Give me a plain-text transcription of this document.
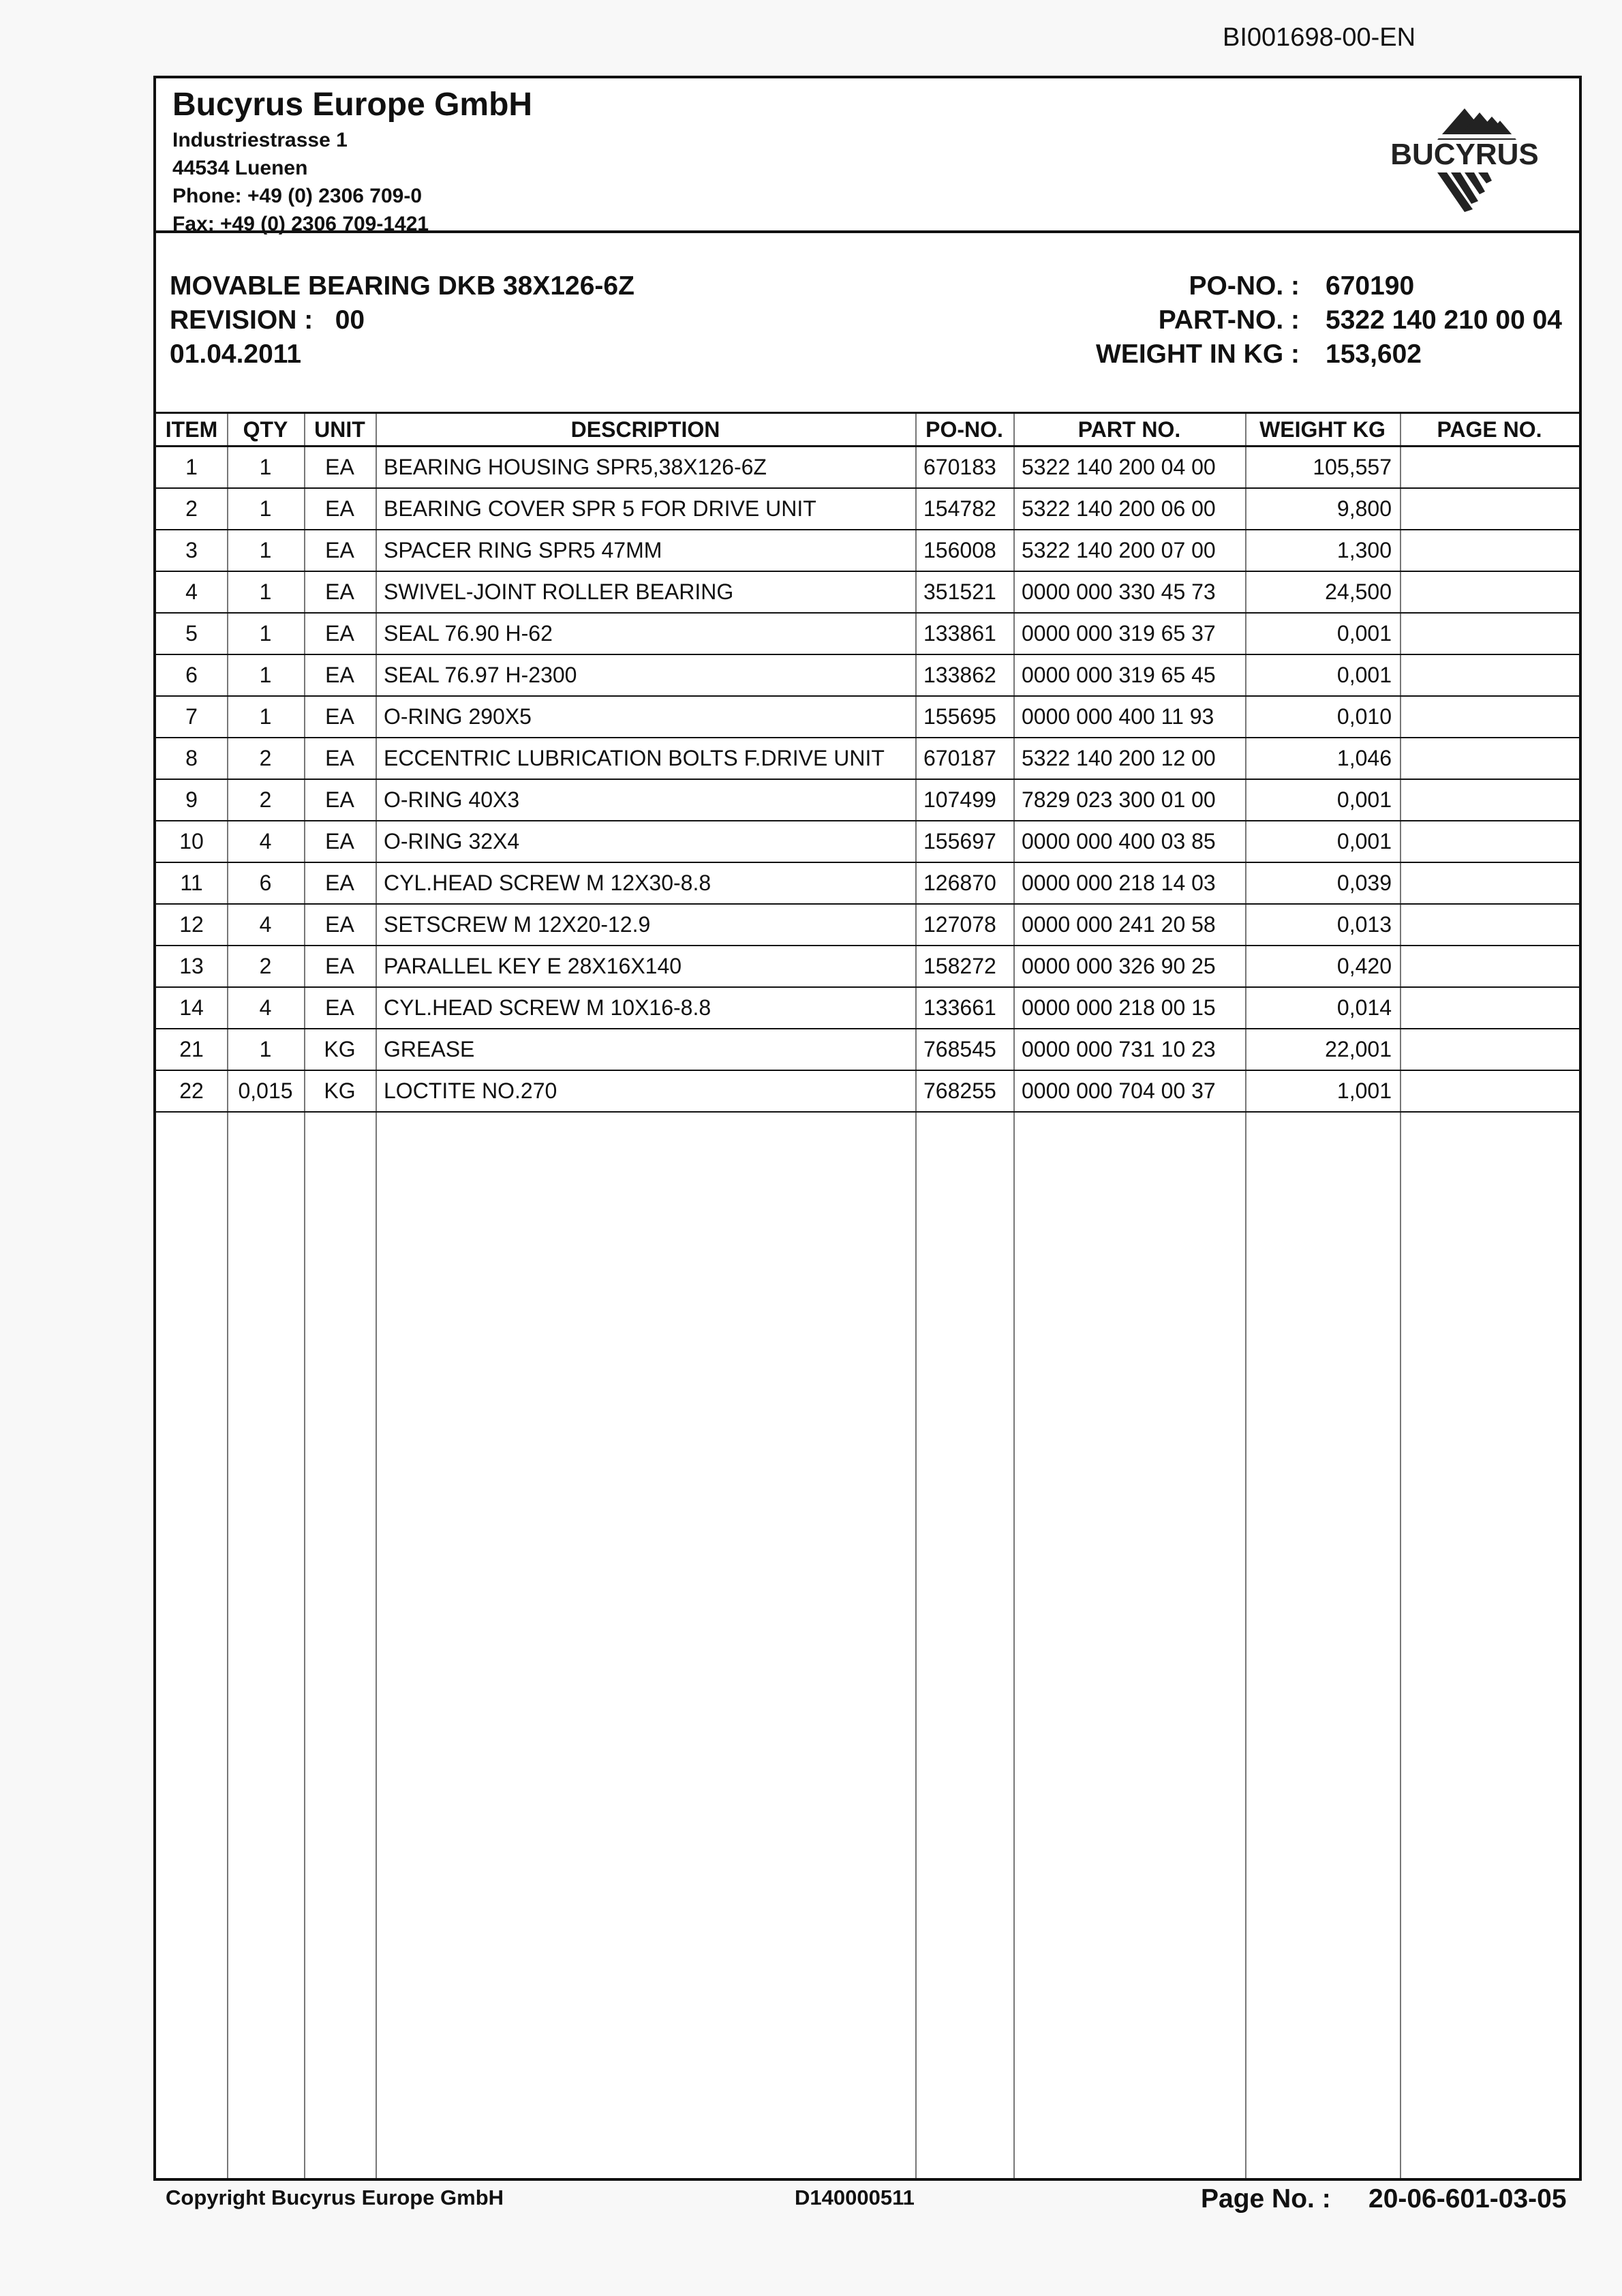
BI001698-00-EN
Bucyrus Europe GmbH
Industriestrasse 1
44534 Luenen
Phone: +49 (0) 2306 709-0
Fax: +49 (0) 2306 709-1421
BUCYRUS
MOVABLE BEARING DKB 38X126-6Z
REVISION : 00
01.04.2011
PO-NO. : 670190
PART-NO. : 5322 140 210 00 04
WEIGHT IN KG : 153,602
ITEM	QTY	UNIT	DESCRIPTION	PO-NO.	PART NO.	WEIGHT KG	PAGE NO.
1	1	EA	BEARING HOUSING SPR5,38X126-6Z	670183	5322 140 200 04 00	105,557	
2	1	EA	BEARING COVER SPR 5 FOR DRIVE UNIT	154782	5322 140 200 06 00	9,800	
3	1	EA	SPACER RING SPR5 47MM	156008	5322 140 200 07 00	1,300	
4	1	EA	SWIVEL-JOINT ROLLER BEARING	351521	0000 000 330 45 73	24,500	
5	1	EA	SEAL 76.90 H-62	133861	0000 000 319 65 37	0,001	
6	1	EA	SEAL 76.97 H-2300	133862	0000 000 319 65 45	0,001	
7	1	EA	O-RING 290X5	155695	0000 000 400 11 93	0,010	
8	2	EA	ECCENTRIC LUBRICATION BOLTS F.DRIVE UNIT	670187	5322 140 200 12 00	1,046	
9	2	EA	O-RING 40X3	107499	7829 023 300 01 00	0,001	
10	4	EA	O-RING 32X4	155697	0000 000 400 03 85	0,001	
11	6	EA	CYL.HEAD SCREW M 12X30-8.8	126870	0000 000 218 14 03	0,039	
12	4	EA	SETSCREW M 12X20-12.9	127078	0000 000 241 20 58	0,013	
13	2	EA	PARALLEL KEY E 28X16X140	158272	0000 000 326 90 25	0,420	
14	4	EA	CYL.HEAD SCREW M 10X16-8.8	133661	0000 000 218 00 15	0,014	
21	1	KG	GREASE	768545	0000 000 731 10 23	22,001	
22	0,015	KG	LOCTITE NO.270	768255	0000 000 704 00 37	1,001	
Copyright Bucyrus Europe GmbH	D140000511	Page No. : 20-06-601-03-05
